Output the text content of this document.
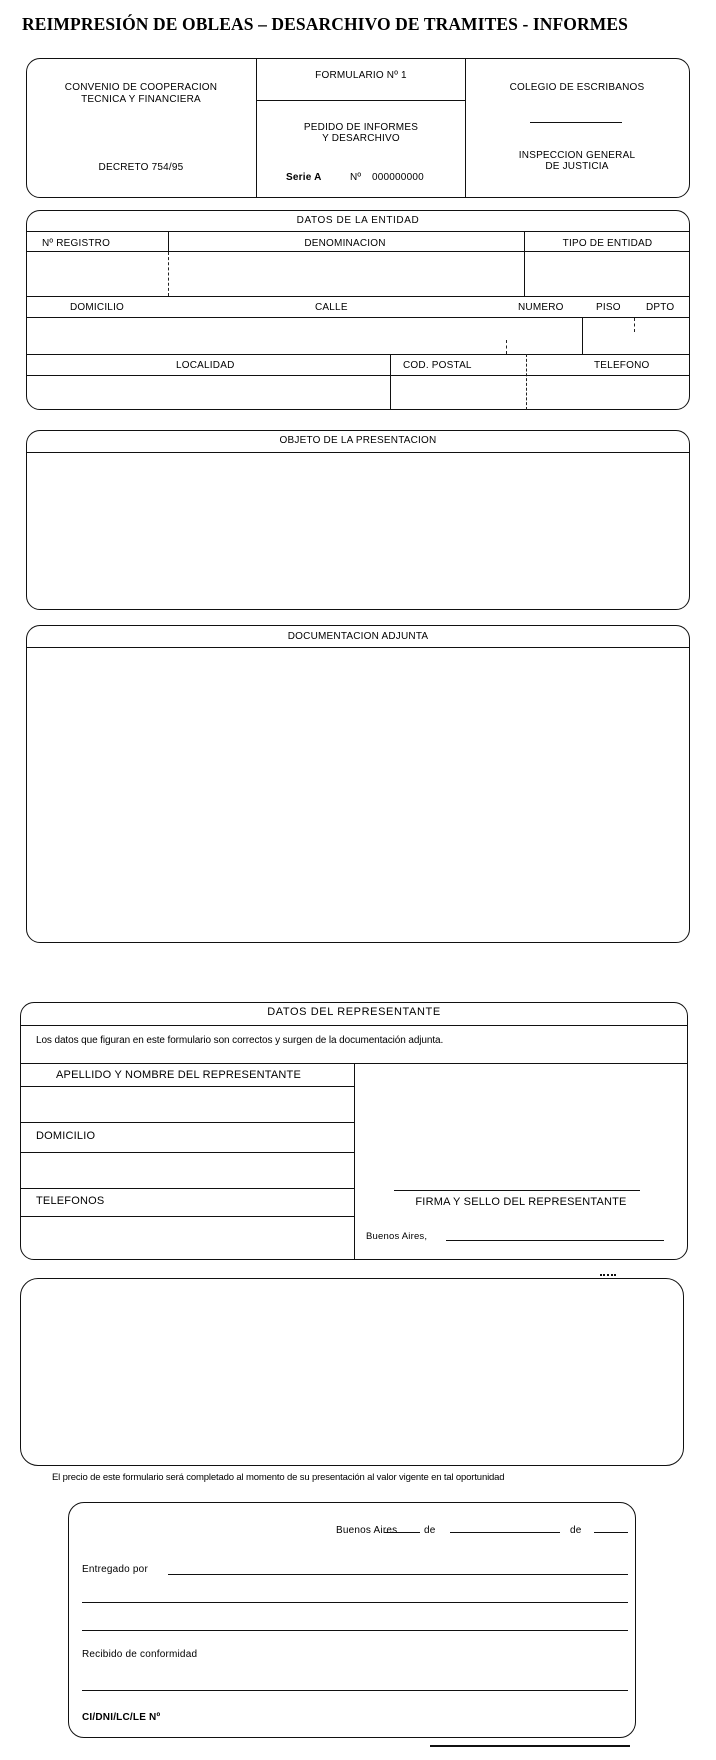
REIMPRESIÓN DE OBLEAS – DESARCHIVO DE TRAMITES - INFORMES
CONVENIO DE COOPERACION
TECNICA Y FINANCIERA
DECRETO 754/95
FORMULARIO Nº 1
PEDIDO DE INFORMES
Y DESARCHIVO
Serie A	Nº 000000000
COLEGIO DE ESCRIBANOS
INSPECCION GENERAL
DE JUSTICIA
DATOS DE LA ENTIDAD
Nº REGISTRO	DENOMINACION	TIPO DE ENTIDAD
DOMICILIO	CALLE	NUMERO	PISO	DPTO
LOCALIDAD	COD. POSTAL	TELEFONO
OBJETO DE LA PRESENTACION
DOCUMENTACION ADJUNTA
DATOS DEL REPRESENTANTE
Los datos que figuran en este formulario son correctos y surgen de la documentación adjunta.
APELLIDO Y NOMBRE DEL REPRESENTANTE
DOMICILIO
TELEFONOS	FIRMA Y SELLO DEL REPRESENTANTE
Buenos Aires,
El precio de este formulario será completado al momento de su presentación al valor vigente en tal oportunidad
Buenos Aires	de	de
Entregado por
Recibido de conformidad
CI/DNI/LC/LE Nº
